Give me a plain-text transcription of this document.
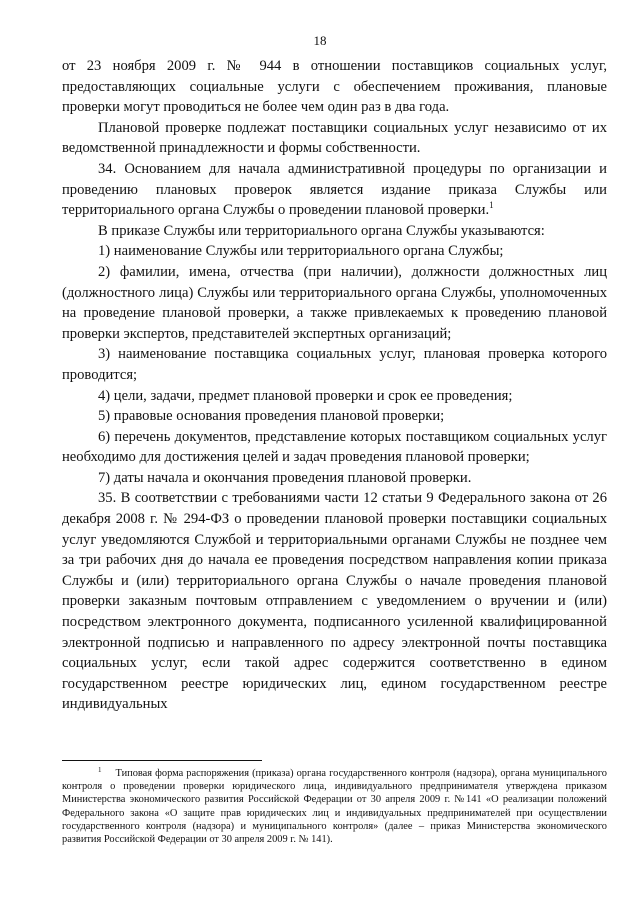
18

от 23 ноября 2009 г. № 944 в отношении поставщиков социальных услуг, предоставляющих социальные услуги с обеспечением проживания, плановые проверки могут проводиться не более чем один раз в два года.

Плановой проверке подлежат поставщики социальных услуг независимо от их ведомственной принадлежности и формы собственности.

34. Основанием для начала административной процедуры по организации и проведению плановых проверок является издание приказа Службы или территориального органа Службы о проведении плановой проверки.$^1$

В приказе Службы или территориального органа Службы указываются:

1) наименование Службы или территориального органа Службы;

2) фамилии, имена, отчества (при наличии), должности должностных лиц (должностного лица) Службы или территориального органа Службы, уполномоченных на проведение плановой проверки, а также привлекаемых к проведению плановой проверки экспертов, представителей экспертных организаций;

3) наименование поставщика социальных услуг, плановая проверка которого проводится;

4) цели, задачи, предмет плановой проверки и срок ее проведения;

5) правовые основания проведения плановой проверки;

6) перечень документов, представление которых поставщиком социальных услуг необходимо для достижения целей и задач проведения плановой проверки;

7) даты начала и окончания проведения плановой проверки.

35. В соответствии с требованиями части 12 статьи 9 Федерального закона от 26 декабря 2008 г. № 294-ФЗ о проведении плановой проверки поставщики социальных услуг уведомляются Службой и территориальными органами Службы не позднее чем за три рабочих дня до начала ее проведения посредством направления копии приказа Службы и (или) территориального органа Службы о начале проведения плановой проверки заказным почтовым отправлением с уведомлением о вручении и (или) посредством электронного документа, подписанного усиленной квалифицированной электронной подписью и направленного по адресу электронной почты поставщика социальных услуг, если такой адрес содержится соответственно в едином государственном реестре юридических лиц, едином государственном реестре индивидуальных

$^1$ Типовая форма распоряжения (приказа) органа государственного контроля (надзора), органа муниципального контроля о проведении проверки юридического лица, индивидуального предпринимателя утверждена приказом Министерства экономического развития Российской Федерации от 30 апреля 2009 г. №141 «О реализации положений Федерального закона «О защите прав юридических лиц и индивидуальных предпринимателей при осуществлении государственного контроля (надзора) и муниципального контроля» (далее – приказ Министерства экономического развития Российской Федерации от 30 апреля 2009 г. № 141).
